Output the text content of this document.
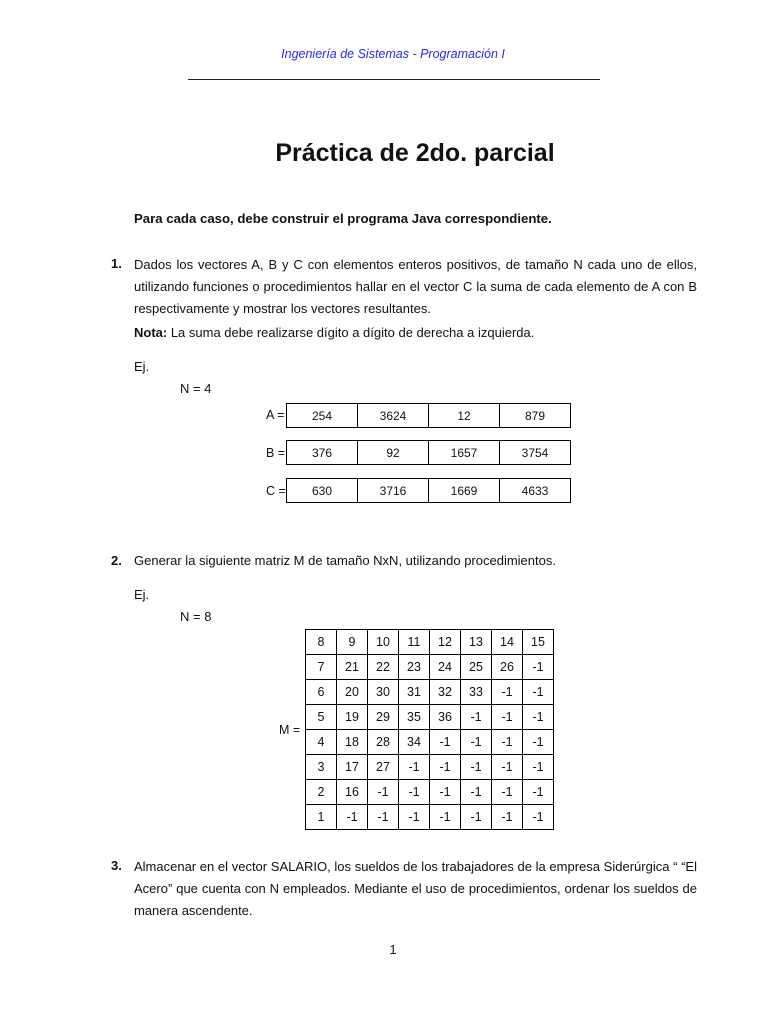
Ingeniería de Sistemas - Programación I
Práctica de 2do. parcial
Para cada caso, debe construir el programa Java correspondiente.
1. Dados los vectores A, B y C con elementos enteros positivos, de tamaño N cada uno de ellos, utilizando funciones o procedimientos hallar en el vector C la suma de cada elemento de A con B respectivamente y mostrar los vectores resultantes.
Nota: La suma debe realizarse dígito a dígito de derecha a izquierda.
Ej.
N = 4
A = 254	3624	12	879
B = 376	92	1657	3754
C = 630	3716	1669	4633
2. Generar la siguiente matriz M de tamaño NxN, utilizando procedimientos.
Ej.
N = 8
M =
8	9	10	11	12	13	14	15
7	21	22	23	24	25	26	-1
6	20	30	31	32	33	-1	-1
5	19	29	35	36	-1	-1	-1
4	18	28	34	-1	-1	-1	-1
3	17	27	-1	-1	-1	-1	-1
2	16	-1	-1	-1	-1	-1	-1
1	-1	-1	-1	-1	-1	-1	-1
3. Almacenar en el vector SALARIO, los sueldos de los trabajadores de la empresa Siderúrgica “ “El Acero” que cuenta con N empleados. Mediante el uso de procedimientos, ordenar los sueldos de manera ascendente.
1
